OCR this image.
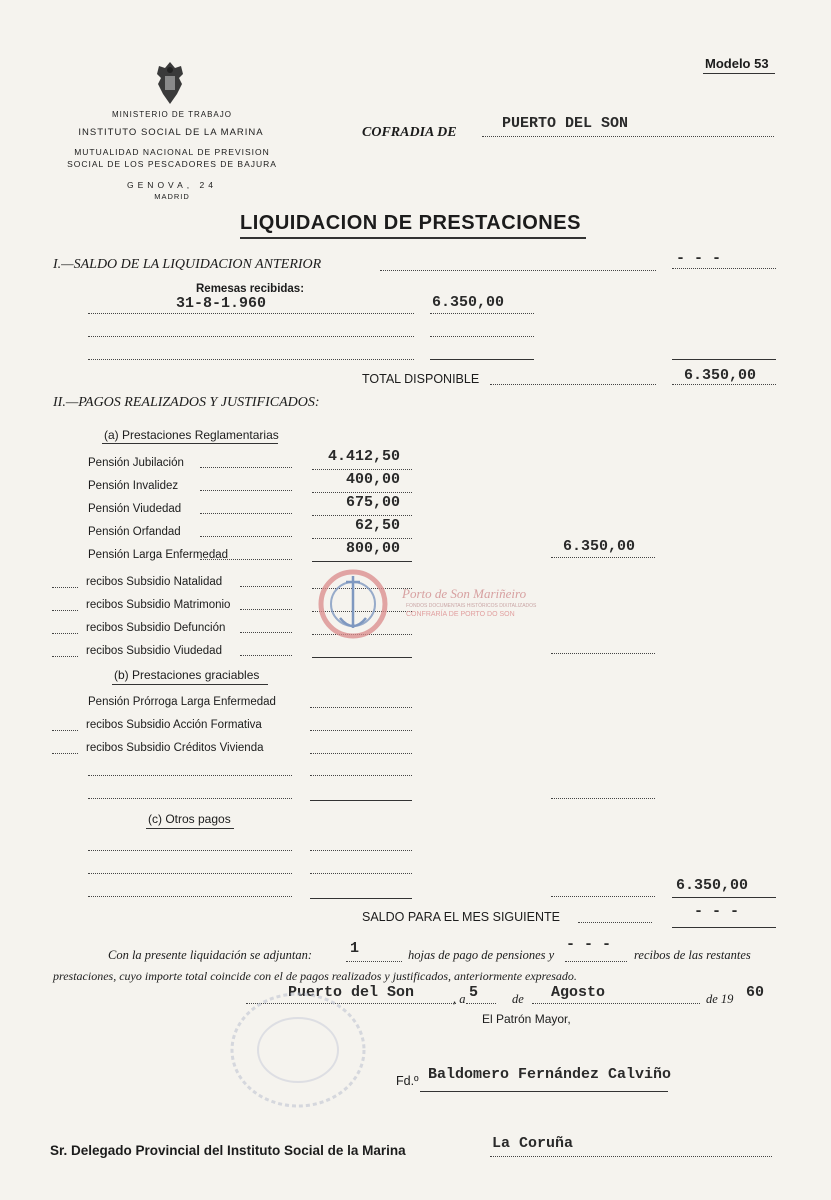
Modelo 53
MINISTERIO DE TRABAJO
INSTITUTO SOCIAL DE LA MARINA
MUTUALIDAD NACIONAL DE PREVISION
SOCIAL DE LOS PESCADORES DE BAJURA
GENOVA, 24
MADRID
COFRADIA DE
PUERTO DEL SON
LIQUIDACION DE PRESTACIONES
I.—SALDO DE LA LIQUIDACION ANTERIOR	- - -
Remesas recibidas:
31-8-1.960	6.350,00
TOTAL DISPONIBLE	6.350,00
II.—PAGOS REALIZADOS Y JUSTIFICADOS:
(a) Prestaciones Reglamentarias
Pensión Jubilación	4.412,50
Pensión Invalidez	400,00
Pensión Viudedad	675,00
Pensión Orfandad	62,50
Pensión Larga Enfermedad	800,00
recibos Subsidio Natalidad
recibos Subsidio Matrimonio
recibos Subsidio Defunción
recibos Subsidio Viudedad
6.350,00
Porto de Son Mariñeiro
FONDOS DOCUMENTAIS HISTÓRICOS DIXITALIZADOS
CONFRARÍA DE PORTO DO SON
(b) Prestaciones graciables
Pensión Prórroga Larga Enfermedad
recibos Subsidio Acción Formativa
recibos Subsidio Créditos Vivienda
(c) Otros pagos
6.350,00
SALDO PARA EL MES SIGUIENTE	- - -
Con la presente liquidación se adjuntan:	1	hojas de pago de pensiones y
- - -
recibos de las restantes
prestaciones, cuyo importe total coincide con el de pagos realizados y justificados, anteriormente expresado.
Puerto del Son	, a 5	de Agosto	de 19 60
El Patrón Mayor,
Fd.º Baldomero Fernández Calviño
Sr. Delegado Provincial del Instituto Social de la Marina	La Coruña
